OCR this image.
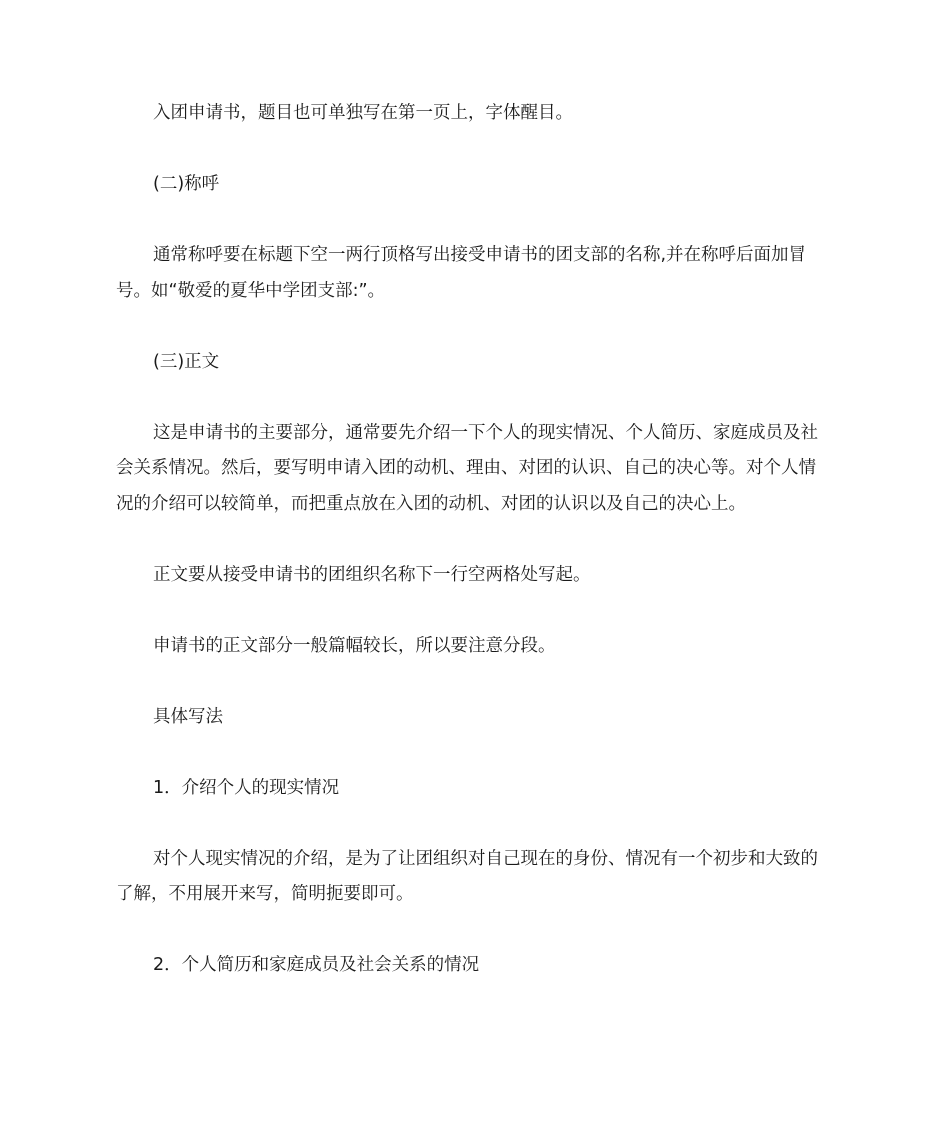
入团申请书，题目也可单独写在第一页上，字体醒目。

(二)称呼

通常称呼要在标题下空一两行顶格写出接受申请书的团支部的名称,并在称呼后面加冒号。如“敬爱的夏华中学团支部:”。

(三)正文

这是申请书的主要部分，通常要先介绍一下个人的现实情况、个人简历、家庭成员及社会关系情况。然后，要写明申请入团的动机、理由、对团的认识、自己的决心等。对个人情况的介绍可以较简单，而把重点放在入团的动机、对团的认识以及自己的决心上。

正文要从接受申请书的团组织名称下一行空两格处写起。

申请书的正文部分一般篇幅较长，所以要注意分段。

具体写法

1．介绍个人的现实情况

对个人现实情况的介绍，是为了让团组织对自己现在的身份、情况有一个初步和大致的了解，不用展开来写，简明扼要即可。

2．个人简历和家庭成员及社会关系的情况
